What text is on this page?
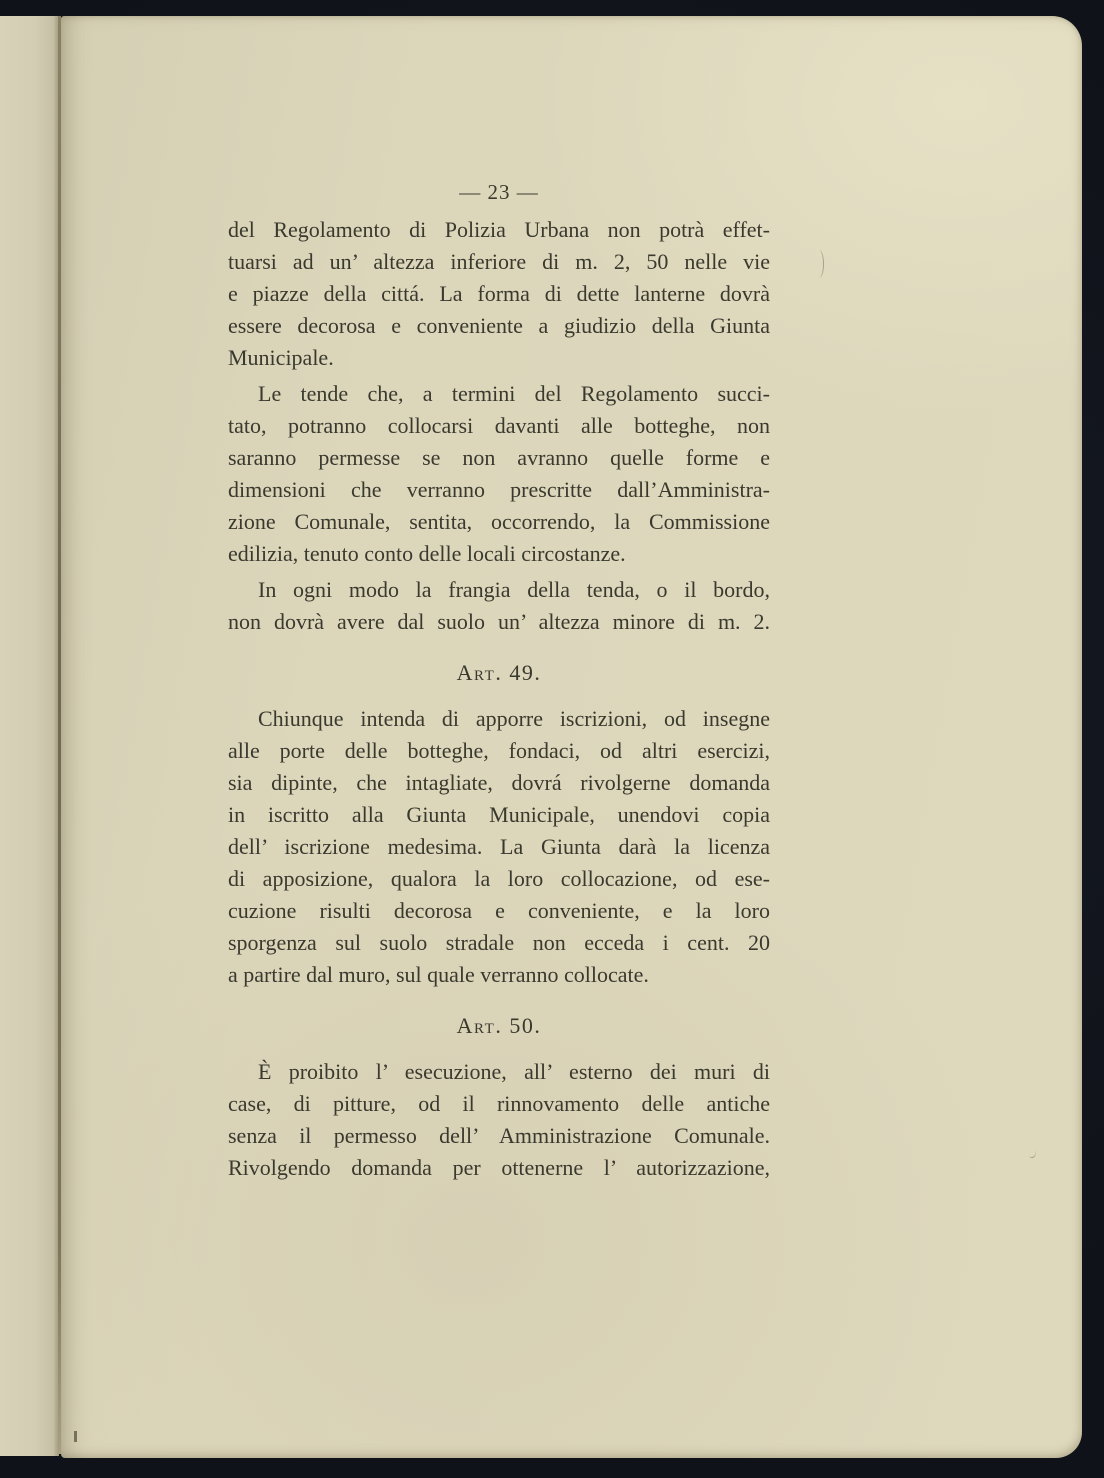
— 23 —
del Regolamento di Polizia Urbana non potrà effet-
tuarsi ad un’ altezza inferiore di m. 2, 50 nelle vie
e piazze della cittá. La forma di dette lanterne dovrà
essere decorosa e conveniente a giudizio della Giunta
Municipale.
Le tende che, a termini del Regolamento succi-
tato, potranno collocarsi davanti alle botteghe, non
saranno permesse se non avranno quelle forme e
dimensioni che verranno prescritte dall’Amministra-
zione Comunale, sentita, occorrendo, la Commissione
edilizia, tenuto conto delle locali circostanze.
In ogni modo la frangia della tenda, o il bordo,
non dovrà avere dal suolo un’ altezza minore di m. 2.
Art. 49.
Chiunque intenda di apporre iscrizioni, od insegne
alle porte delle botteghe, fondaci, od altri esercizi,
sia dipinte, che intagliate, dovrá rivolgerne domanda
in iscritto alla Giunta Municipale, unendovi copia
dell’ iscrizione medesima. La Giunta darà la licenza
di apposizione, qualora la loro collocazione, od ese-
cuzione risulti decorosa e conveniente, e la loro
sporgenza sul suolo stradale non ecceda i cent. 20
a partire dal muro, sul quale verranno collocate.
Art. 50.
È proibito l’ esecuzione, all’ esterno dei muri di
case, di pitture, od il rinnovamento delle antiche
senza il permesso dell’ Amministrazione Comunale.
Rivolgendo domanda per ottenerne l’ autorizzazione,
